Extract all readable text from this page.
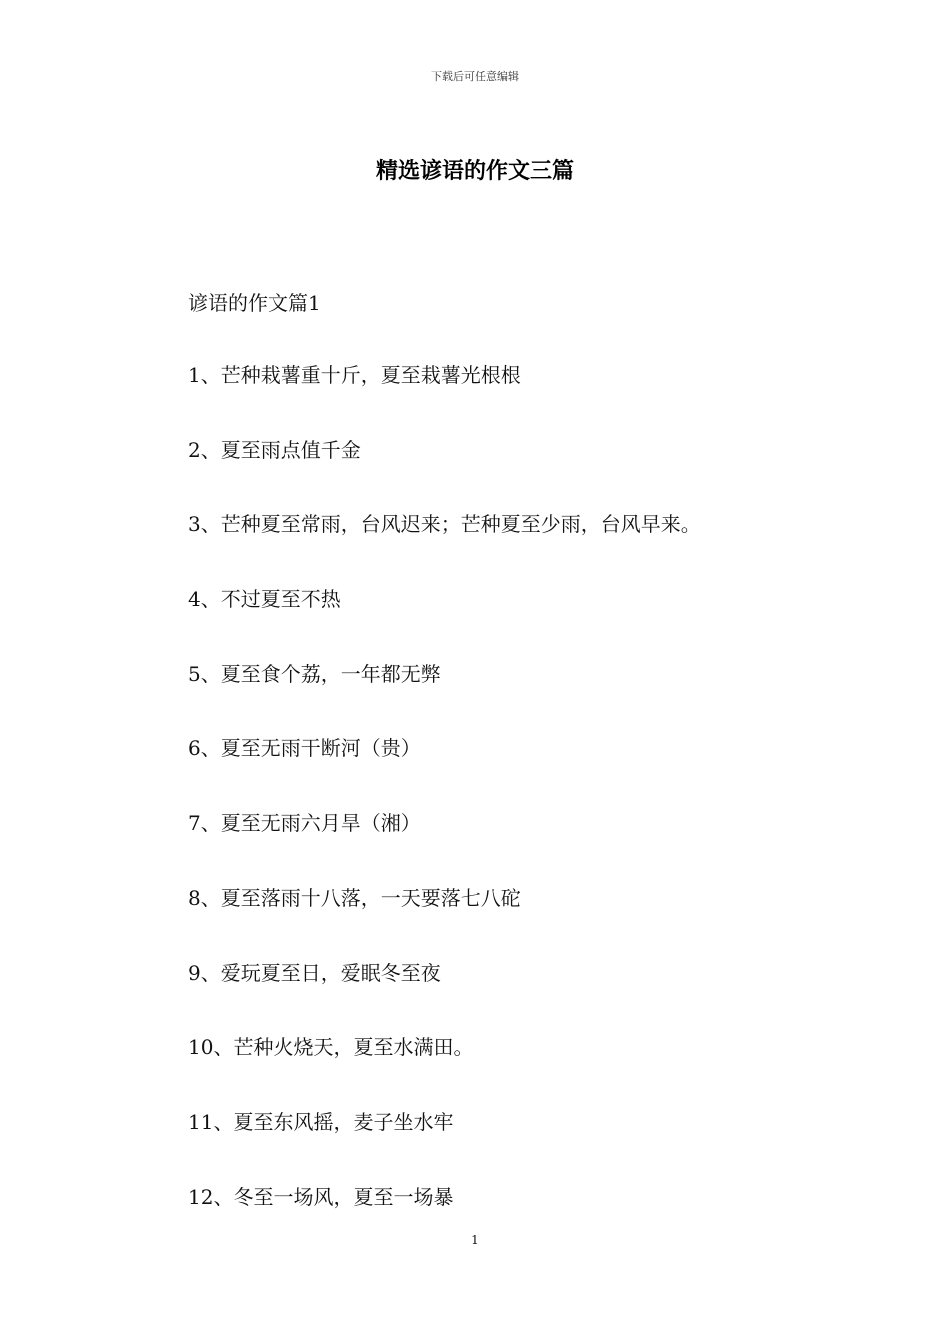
下载后可任意编辑
精选谚语的作文三篇
谚语的作文篇1
1、芒种栽薯重十斤，夏至栽薯光根根
2、夏至雨点值千金
3、芒种夏至常雨，台风迟来；芒种夏至少雨，台风早来。
4、不过夏至不热
5、夏至食个荔，一年都无弊
6、夏至无雨干断河（贵）
7、夏至无雨六月旱（湘）
8、夏至落雨十八落，一天要落七八砣
9、爱玩夏至日，爱眠冬至夜
10、芒种火烧天，夏至水满田。
11、夏至东风摇，麦子坐水牢
12、冬至一场风，夏至一场暴
1
